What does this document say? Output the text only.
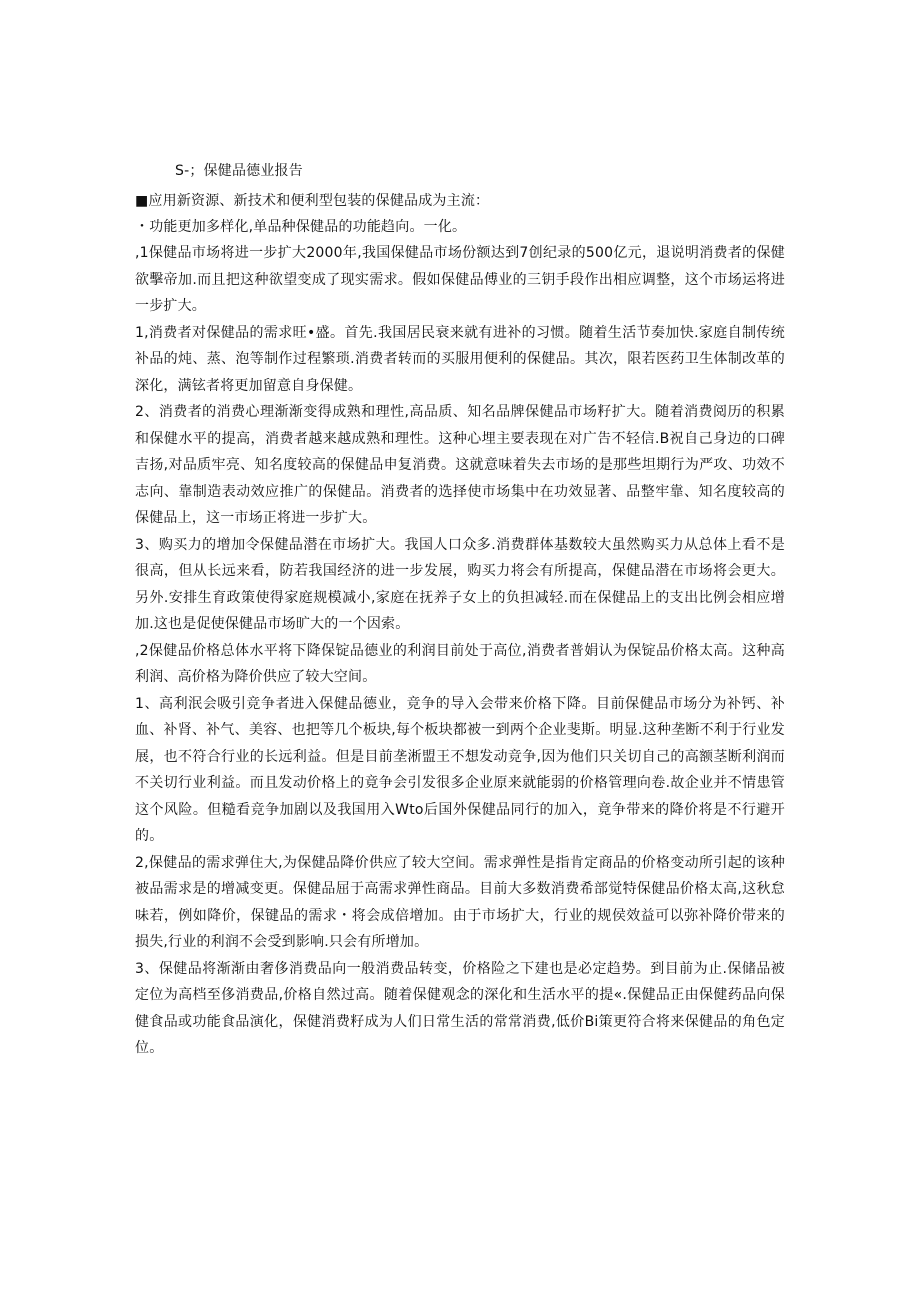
S-；保健品德业报告

■应用新资源、新技术和便利型包装的保健品成为主流：

・功能更加多样化,单品种保健品的功能趋向。一化。

,1保健品市场将进一步扩大2000年,我国保健品市场份额达到7创纪录的500亿元，退说明消费者的保健欲擊帝加.而且把这种欲望变成了现实需求。假如保健品傅业的三钥手段作出相应调整，这个市场运将进一步扩大。

1,消费者对保健品的需求旺•盛。首先.我国居民衰来就有进补的习惯。随着生活节奏加快.家庭自制传统补品的炖、蒸、泡等制作过程繁琐.消费者转而的买服用便利的保健品。其次，限若医药卫生体制改革的深化，满铉者将更加留意自身保健。

2、消费者的消费心理渐渐变得成熟和理性,高品质、知名品牌保健品市场籽扩大。随着消费阅历的积累和保健水平的提高，消费者越来越成熟和理性。这种心埋主要表现在对广告不轻信.B祝自己身边的口碑吉扬,对品质牢亮、知名度较高的保健品申复消费。这就意味着失去市场的是那些坦期行为严攻、功效不志向、靠制造表动效应推广的保健品。消费者的选择使市场集中在功效显著、品整牢靠、知名度较高的保健品上，这一市场正将进一步扩大。

3、购买力的增加令保健品潜在市场扩大。我国人口众多.消费群体基数较大虽然购买力从总体上看不是很高，但从长远来看，防若我国经济的进一步发展，购买力将会有所提高，保健品潜在市场将会更大。另外.安排生育政策使得家庭规模减小,家庭在抚养子女上的负担减轻.而在保健品上的支出比例会相应增加.这也是促使保健品市场旷大的一个因索。

,2保健品价格总体水平将下降保锭品德业的利润目前处于高位,消费者普娟认为保锭品价格太高。这种高利润、高价格为降价供应了较大空间。

1、高利泯会吸引竞争者进入保健品德业，竞争的导入会带来价格下降。目前保健品市场分为补钙、补血、补肾、补气、美容、也把等几个板块,每个板块都被一到两个企业斐斯。明显.这种垄断不利于行业发展，也不符合行业的长远利益。但是目前垄淅盟王不想发动竞争,因为他们只关切自己的高额茎断利润而不关切行业利益。而且发动价格上的竟争会引发很多企业原来就能弱的价格管理向卷.故企业并不情患管这个风险。但糙看竞争加剧以及我国用入Wto后国外保健品同行的加入，竟争带来的降价将是不行避开的。

2,保健品的需求弹住大,为保健品降价供应了较大空间。需求弹性是指肯定商品的价格变动所引起的该种被品需求是的增减变更。保健品屈于高需求弹性商品。目前大多数消费希部觉特保健品价格太高,这秋怠味若，例如降价，保键品的需求・将会成倍增加。由于市场扩大，行业的规侯效益可以弥补降价带来的损失,行业的利润不会受到影响.只会有所增加。

3、保健品将渐渐由奢侈消费品向一般消费品转变，价格险之下建也是必定趋势。到目前为止.保储品被定位为高档至侈消费品,价格自然过高。随着保健观念的深化和生活水平的提«.保健品正由保健药品向保健食品或功能食品演化，保健消费籽成为人们日常生活的常常消费,低价Bi策更符合将来保健品的角色定位。
